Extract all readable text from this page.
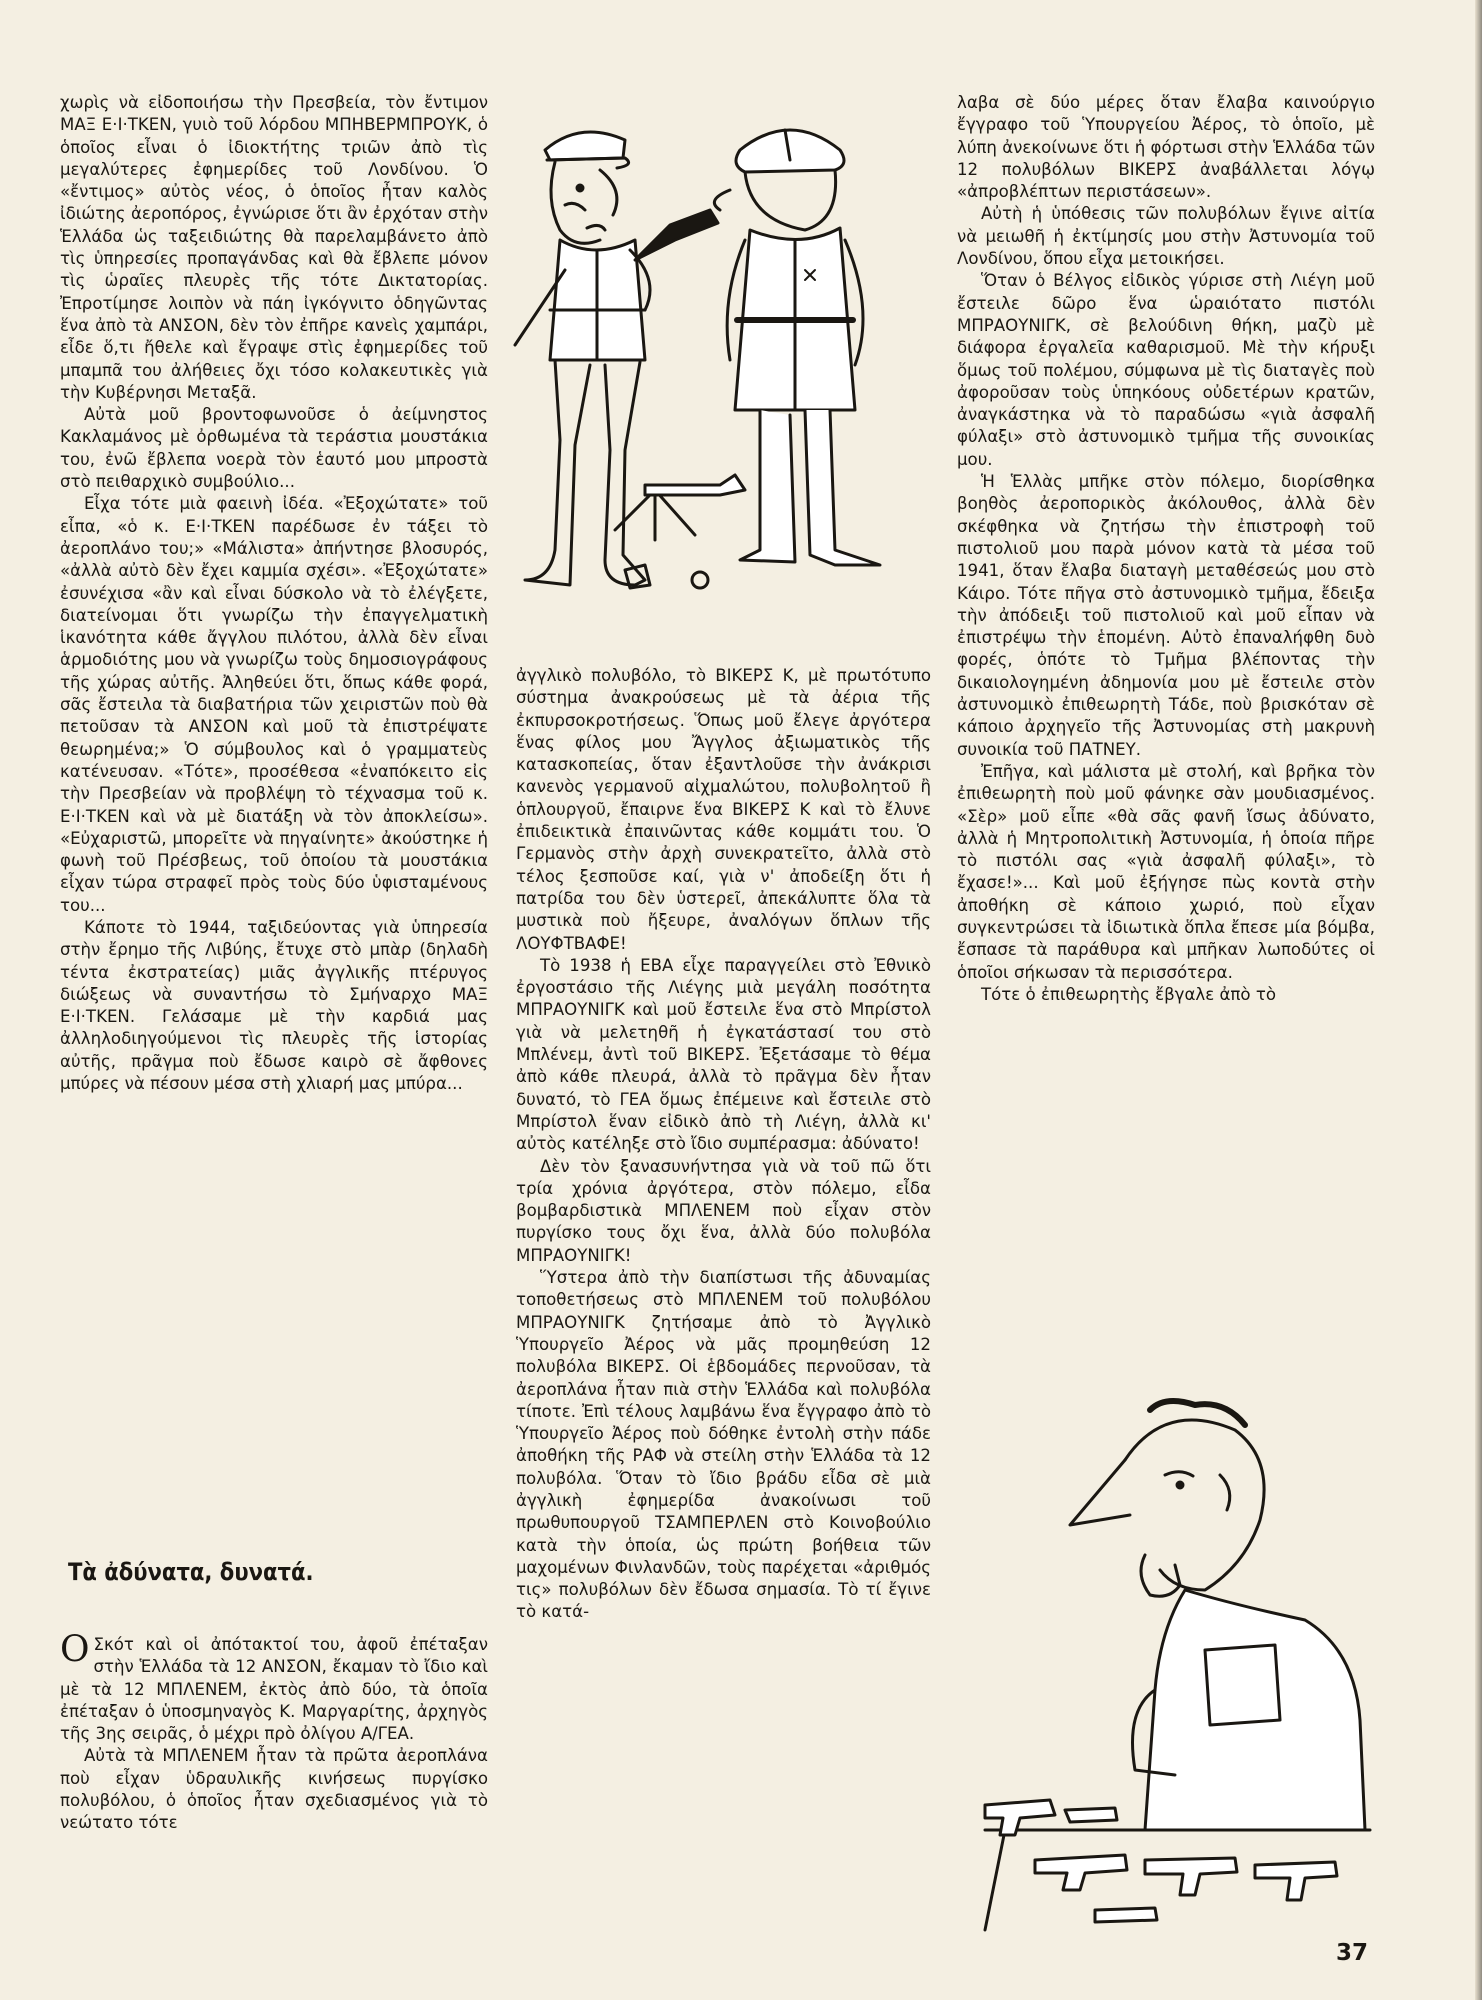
χωρὶς νὰ εἰδοποιήσω τὴν Πρεσβεία, τὸν ἔντιμον ΜΑΞ Ε·Ι·ΤΚΕΝ, γυιὸ τοῦ λόρδου ΜΠΗΒΕΡΜΠΡΟΥΚ, ὁ ὁποῖος εἶναι ὁ ἰδιοκτήτης τριῶν ἀπὸ τὶς μεγαλύτερες ἐφημερίδες τοῦ Λονδίνου. Ὁ «ἔντιμος» αὐτὸς νέος, ὁ ὁποῖος ἦταν καλὸς ἰδιώτης ἀεροπόρος, ἐγνώρισε ὅτι ἂν ἐρχόταν στὴν Ἑλλάδα ὡς ταξειδιώτης θὰ παρελαμβάνετο ἀπὸ τὶς ὑπηρεσίες προπαγάνδας καὶ θὰ ἔβλεπε μόνον τὶς ὡραῖες πλευρὲς τῆς τότε Δικτατορίας. Ἐπροτίμησε λοιπὸν νὰ πάη ἰγκόγνιτο ὁδηγῶντας ἕνα ἀπὸ τὰ ΑΝΣΟΝ, δὲν τὸν ἐπῆρε κανεὶς χαμπάρι, εἶδε ὅ,τι ἤθελε καὶ ἔγραψε στὶς ἐφημερίδες τοῦ μπαμπᾶ του ἀλήθειες ὄχι τόσο κολακευτικὲς γιὰ τὴν Κυβέρνησι Μεταξᾶ.

Αὐτὰ μοῦ βροντοφωνοῦσε ὁ ἀείμνηστος Κακλαμάνος μὲ ὀρθωμένα τὰ τεράστια μουστάκια του, ἐνῶ ἔβλεπα νοερὰ τὸν ἑαυτό μου μπροστὰ στὸ πειθαρχικὸ συμβούλιο...

Εἶχα τότε μιὰ φαεινὴ ἰδέα. «Ἐξοχώτατε» τοῦ εἶπα, «ὁ κ. Ε·Ι·ΤΚΕΝ παρέδωσε ἐν τάξει τὸ ἀεροπλάνο του;» «Μάλιστα» ἀπήντησε βλοσυρός, «ἀλλὰ αὐτὸ δὲν ἔχει καμμία σχέσι». «Ἐξοχώτατε» ἐσυνέχισα «ἂν καὶ εἶναι δύσκολο νὰ τὸ ἐλέγξετε, διατείνομαι ὅτι γνωρίζω τὴν ἐπαγγελματικὴ ἱκανότητα κάθε ἄγγλου πιλότου, ἀλλὰ δὲν εἶναι ἁρμοδιότης μου νὰ γνωρίζω τοὺς δημοσιογράφους τῆς χώρας αὐτῆς. Ἀληθεύει ὅτι, ὅπως κάθε φορά, σᾶς ἔστειλα τὰ διαβατήρια τῶν χειριστῶν ποὺ θὰ πετοῦσαν τὰ ΑΝΣΟΝ καὶ μοῦ τὰ ἐπιστρέψατε θεωρημένα;» Ὁ σύμβουλος καὶ ὁ γραμματεὺς κατένευσαν. «Τότε», προσέθεσα «ἐναπόκειτο εἰς τὴν Πρεσβείαν νὰ προβλέψη τὸ τέχνασμα τοῦ κ. Ε·Ι·ΤΚΕΝ καὶ νὰ μὲ διατάξη νὰ τὸν ἀποκλείσω». «Εὐχαριστῶ, μπορεῖτε νὰ πηγαίνητε» ἀκούστηκε ἡ φωνὴ τοῦ Πρέσβεως, τοῦ ὁποίου τὰ μουστάκια εἶχαν τώρα στραφεῖ πρὸς τοὺς δύο ὑφισταμένους του...

Κάποτε τὸ 1944, ταξιδεύοντας γιὰ ὑπηρεσία στὴν ἔρημο τῆς Λιβύης, ἔτυχε στὸ μπὰρ (δηλαδὴ τέντα ἐκστρατείας) μιᾶς ἀγγλικῆς πτέρυγος διώξεως νὰ συναντήσω τὸ Σμήναρχο ΜΑΞ Ε·Ι·ΤΚΕΝ. Γελάσαμε μὲ τὴν καρδιά μας ἀλληλοδιηγούμενοι τὶς πλευρὲς τῆς ἱστορίας αὐτῆς, πρᾶγμα ποὺ ἔδωσε καιρὸ σὲ ἄφθονες μπύρες νὰ πέσουν μέσα στὴ χλιαρή μας μπύρα...

Τὰ ἀδύνατα, δυνατά.

Ο Σκότ καὶ οἱ ἀπότακτοί του, ἀφοῦ ἐπέταξαν στὴν Ἑλλάδα τὰ 12 ΑΝΣΟΝ, ἔκαμαν τὸ ἴδιο καὶ μὲ τὰ 12 ΜΠΛΕΝΕΜ, ἐκτὸς ἀπὸ δύο, τὰ ὁποῖα ἐπέταξαν ὁ ὑποσμηναγὸς Κ. Μαργαρίτης, ἀρχηγὸς τῆς 3ης σειρᾶς, ὁ μέχρι πρὸ ὀλίγου Α/ΓΕΑ.

Αὐτὰ τὰ ΜΠΛΕΝΕΜ ἦταν τὰ πρῶτα ἀεροπλάνα ποὺ εἶχαν ὑδραυλικῆς κινήσεως πυργίσκο πολυβόλου, ὁ ὁποῖος ἦταν σχεδιασμένος γιὰ τὸ νεώτατο τότε

ἀγγλικὸ πολυβόλο, τὸ ΒΙΚΕΡΣ Κ, μὲ πρωτότυπο σύστημα ἀνακρούσεως μὲ τὰ ἀέρια τῆς ἐκπυρσοκροτήσεως. Ὅπως μοῦ ἔλεγε ἀργότερα ἕνας φίλος μου Ἄγγλος ἀξιωματικὸς τῆς κατασκοπείας, ὅταν ἐξαντλοῦσε τὴν ἀνάκρισι κανενὸς γερμανοῦ αἰχμαλώτου, πολυβολητοῦ ἢ ὁπλουργοῦ, ἔπαιρνε ἕνα ΒΙΚΕΡΣ Κ καὶ τὸ ἔλυνε ἐπιδεικτικὰ ἐπαινῶντας κάθε κομμάτι του. Ὁ Γερμανὸς στὴν ἀρχὴ συνεκρατεῖτο, ἀλλὰ στὸ τέλος ξεσποῦσε καί, γιὰ ν' ἀποδείξη ὅτι ἡ πατρίδα του δὲν ὑστερεῖ, ἀπεκάλυπτε ὅλα τὰ μυστικὰ ποὺ ἤξευρε, ἀναλόγων ὅπλων τῆς ΛΟΥΦΤΒΑΦΕ!

Τὸ 1938 ἡ ΕΒΑ εἶχε παραγγείλει στὸ Ἐθνικὸ ἐργοστάσιο τῆς Λιέγης μιὰ μεγάλη ποσότητα ΜΠΡΑΟΥΝΙΓΚ καὶ μοῦ ἔστειλε ἕνα στὸ Μπρίστολ γιὰ νὰ μελετηθῆ ἡ ἐγκατάστασί του στὸ Μπλένεμ, ἀντὶ τοῦ ΒΙΚΕΡΣ. Ἐξετάσαμε τὸ θέμα ἀπὸ κάθε πλευρά, ἀλλὰ τὸ πρᾶγμα δὲν ἦταν δυνατό, τὸ ΓΕΑ ὅμως ἐπέμεινε καὶ ἔστειλε στὸ Μπρίστολ ἕναν εἰδικὸ ἀπὸ τὴ Λιέγη, ἀλλὰ κι' αὐτὸς κατέληξε στὸ ἴδιο συμπέρασμα: ἀδύνατο!

Δὲν τὸν ξανασυνήντησα γιὰ νὰ τοῦ πῶ ὅτι τρία χρόνια ἀργότερα, στὸν πόλεμο, εἶδα βομβαρδιστικὰ ΜΠΛΕΝΕΜ ποὺ εἶχαν στὸν πυργίσκο τους ὄχι ἕνα, ἀλλὰ δύο πολυβόλα ΜΠΡΑΟΥΝΙΓΚ!

Ὕστερα ἀπὸ τὴν διαπίστωσι τῆς ἀδυναμίας τοποθετήσεως στὸ ΜΠΛΕΝΕΜ τοῦ πολυβόλου ΜΠΡΑΟΥΝΙΓΚ ζητήσαμε ἀπὸ τὸ Ἀγγλικὸ Ὑπουργεῖο Ἀέρος νὰ μᾶς προμηθεύση 12 πολυβόλα ΒΙΚΕΡΣ. Οἱ ἑβδομάδες περνοῦσαν, τὰ ἀεροπλάνα ἦταν πιὰ στὴν Ἑλλάδα καὶ πολυβόλα τίποτε. Ἐπὶ τέλους λαμβάνω ἕνα ἔγγραφο ἀπὸ τὸ Ὑπουργεῖο Ἀέρος ποὺ δόθηκε ἐντολὴ στὴν πάδε ἀποθήκη τῆς ΡΑΦ νὰ στείλη στὴν Ἑλλάδα τὰ 12 πολυβόλα. Ὅταν τὸ ἴδιο βράδυ εἶδα σὲ μιὰ ἀγγλικὴ ἐφημερίδα ἀνακοίνωσι τοῦ πρωθυπουργοῦ ΤΣΑΜΠΕΡΛΕΝ στὸ Κοινοβούλιο κατὰ τὴν ὁποία, ὡς πρώτη βοήθεια τῶν μαχομένων Φινλανδῶν, τοὺς παρέχεται «ἀριθμός τις» πολυβόλων δὲν ἔδωσα σημασία. Τὸ τί ἔγινε τὸ κατά-

λαβα σὲ δύο μέρες ὅταν ἔλαβα καινούργιο ἔγγραφο τοῦ Ὑπουργείου Ἀέρος, τὸ ὁποῖο, μὲ λύπη ἀνεκοίνωνε ὅτι ἡ φόρτωσι στὴν Ἑλλάδα τῶν 12 πολυβόλων ΒΙΚΕΡΣ ἀναβάλλεται λόγῳ «ἀπροβλέπτων περιστάσεων».

Αὐτὴ ἡ ὑπόθεσις τῶν πολυβόλων ἔγινε αἰτία νὰ μειωθῆ ἡ ἐκτίμησίς μου στὴν Ἀστυνομία τοῦ Λονδίνου, ὅπου εἶχα μετοικήσει.

Ὅταν ὁ Βέλγος εἰδικὸς γύρισε στὴ Λιέγη μοῦ ἔστειλε δῶρο ἕνα ὡραιότατο πιστόλι ΜΠΡΑΟΥΝΙΓΚ, σὲ βελούδινη θήκη, μαζὺ μὲ διάφορα ἐργαλεῖα καθαρισμοῦ. Μὲ τὴν κήρυξι ὅμως τοῦ πολέμου, σύμφωνα μὲ τὶς διαταγὲς ποὺ ἀφοροῦσαν τοὺς ὑπηκόους οὐδετέρων κρατῶν, ἀναγκάστηκα νὰ τὸ παραδώσω «γιὰ ἀσφαλῆ φύλαξι» στὸ ἀστυνομικὸ τμῆμα τῆς συνοικίας μου.

Ἡ Ἑλλὰς μπῆκε στὸν πόλεμο, διορίσθηκα βοηθὸς ἀεροπορικὸς ἀκόλουθος, ἀλλὰ δὲν σκέφθηκα νὰ ζητήσω τὴν ἐπιστροφὴ τοῦ πιστολιοῦ μου παρὰ μόνον κατὰ τὰ μέσα τοῦ 1941, ὅταν ἔλαβα διαταγὴ μεταθέσεώς μου στὸ Κάιρο. Τότε πῆγα στὸ ἀστυνομικὸ τμῆμα, ἔδειξα τὴν ἀπόδειξι τοῦ πιστολιοῦ καὶ μοῦ εἶπαν νὰ ἐπιστρέψω τὴν ἑπομένη. Αὐτὸ ἐπαναλήφθη δυὸ φορές, ὁπότε τὸ Τμῆμα βλέποντας τὴν δικαιολογημένη ἀδημονία μου μὲ ἔστειλε στὸν ἀστυνομικὸ ἐπιθεωρητὴ Τάδε, ποὺ βρισκόταν σὲ κάποιο ἀρχηγεῖο τῆς Ἀστυνομίας στὴ μακρυνὴ συνοικία τοῦ ΠΑΤΝΕΥ.

Ἐπῆγα, καὶ μάλιστα μὲ στολή, καὶ βρῆκα τὸν ἐπιθεωρητὴ ποὺ μοῦ φάνηκε σὰν μουδιασμένος. «Σὲρ» μοῦ εἶπε «θὰ σᾶς φανῆ ἴσως ἀδύνατο, ἀλλὰ ἡ Μητροπολιτικὴ Ἀστυνομία, ἡ ὁποία πῆρε τὸ πιστόλι σας «γιὰ ἀσφαλῆ φύλαξι», τὸ ἔχασε!»... Καὶ μοῦ ἐξήγησε πὼς κοντὰ στὴν ἀποθήκη σὲ κάποιο χωριό, ποὺ εἶχαν συγκεντρώσει τὰ ἰδιωτικὰ ὅπλα ἔπεσε μία βόμβα, ἔσπασε τὰ παράθυρα καὶ μπῆκαν λωποδύτες οἱ ὁποῖοι σήκωσαν τὰ περισσότερα.

Τότε ὁ ἐπιθεωρητὴς ἔβγαλε ἀπὸ τὸ

37
